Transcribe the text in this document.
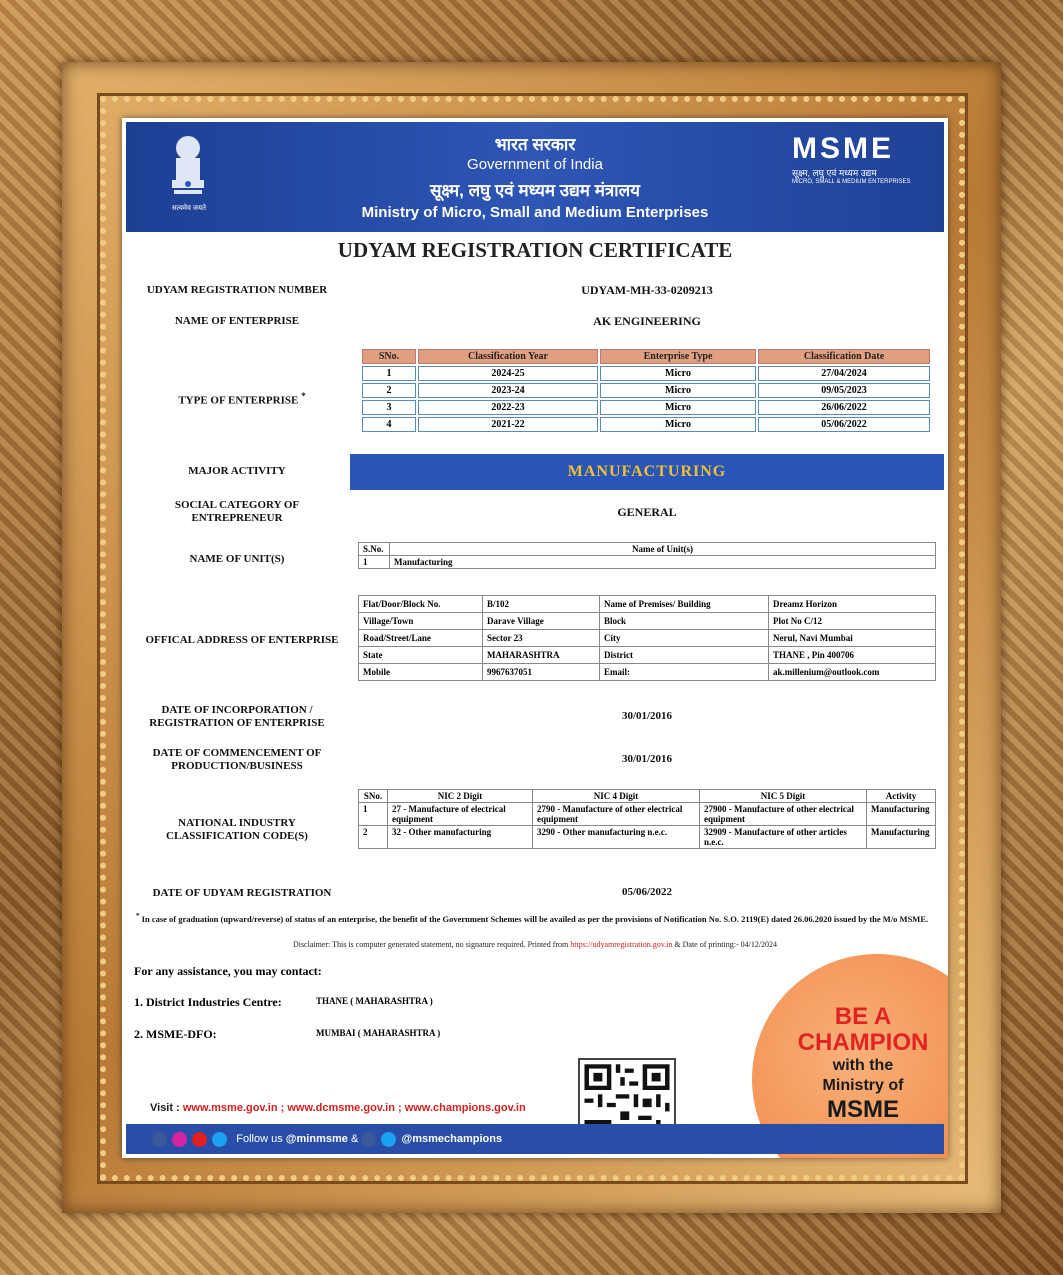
सत्यमेव जयते
भारत सरकार
Government of India
सूक्ष्म, लघु एवं मध्यम उद्यम मंत्रालय
Ministry of Micro, Small and Medium Enterprises
MSME
सूक्ष्म, लघु एवं मध्यम उद्यम
MICRO, SMALL & MEDIUM ENTERPRISES
UDYAM REGISTRATION CERTIFICATE
UDYAM REGISTRATION NUMBER	UDYAM-MH-33-0209213
NAME OF ENTERPRISE	AK ENGINEERING
TYPE OF ENTERPRISE *
SNo.	Classification Year	Enterprise Type	Classification Date
1	2024-25	Micro	27/04/2024
2	2023-24	Micro	09/05/2023
3	2022-23	Micro	26/06/2022
4	2021-22	Micro	05/06/2022
MAJOR ACTIVITY	MANUFACTURING
SOCIAL CATEGORY OF
ENTREPRENEUR	GENERAL
NAME OF UNIT(S)
S.No.	Name of Unit(s)
1	Manufacturing
OFFICAL ADDRESS OF ENTERPRISE
Flat/Door/Block No.	B/102	Name of Premises/ Building	Dreamz Horizon
Village/Town	Darave Village	Block	Plot No C/12
Road/Street/Lane	Sector 23	City	Nerul, Navi Mumbai
State	MAHARASHTRA	District	THANE , Pin 400706
Mobile	9967637051	Email:	ak.millenium@outlook.com
DATE OF INCORPORATION /
REGISTRATION OF ENTERPRISE
30/01/2016
DATE OF COMMENCEMENT OF
PRODUCTION/BUSINESS
30/01/2016
NATIONAL INDUSTRY
CLASSIFICATION CODE(S)
SNo.	NIC 2 Digit	NIC 4 Digit	NIC 5 Digit	Activity
1	27 - Manufacture of electrical equipment	2790 - Manufacture of other electrical equipment	27900 - Manufacture of other electrical equipment	Manufacturing
2	32 - Other manufacturing	3290 - Other manufacturing n.e.c.	32909 - Manufacture of other articles n.e.c.	Manufacturing
DATE OF UDYAM REGISTRATION	05/06/2022
* In case of graduation (upward/reverse) of status of an enterprise, the benefit of the Government Schemes will be availed as per the provisions of Notification No. S.O. 2119(E) dated 26.06.2020 issued by the M/o MSME.
Disclaimer: This is computer generated statement, no signature required. Printed from https://udyamregistration.gov.in & Date of printing:- 04/12/2024
For any assistance, you may contact:
1. District Industries Centre:	THANE ( MAHARASHTRA )
2. MSME-DFO:	MUMBAI ( MAHARASHTRA )
BE A
CHAMPION
with the
Ministry of
MSME
Visit : www.msme.gov.in ; www.dcmsme.gov.in ; www.champions.gov.in
Follow us @minmsme &	@msmechampions
